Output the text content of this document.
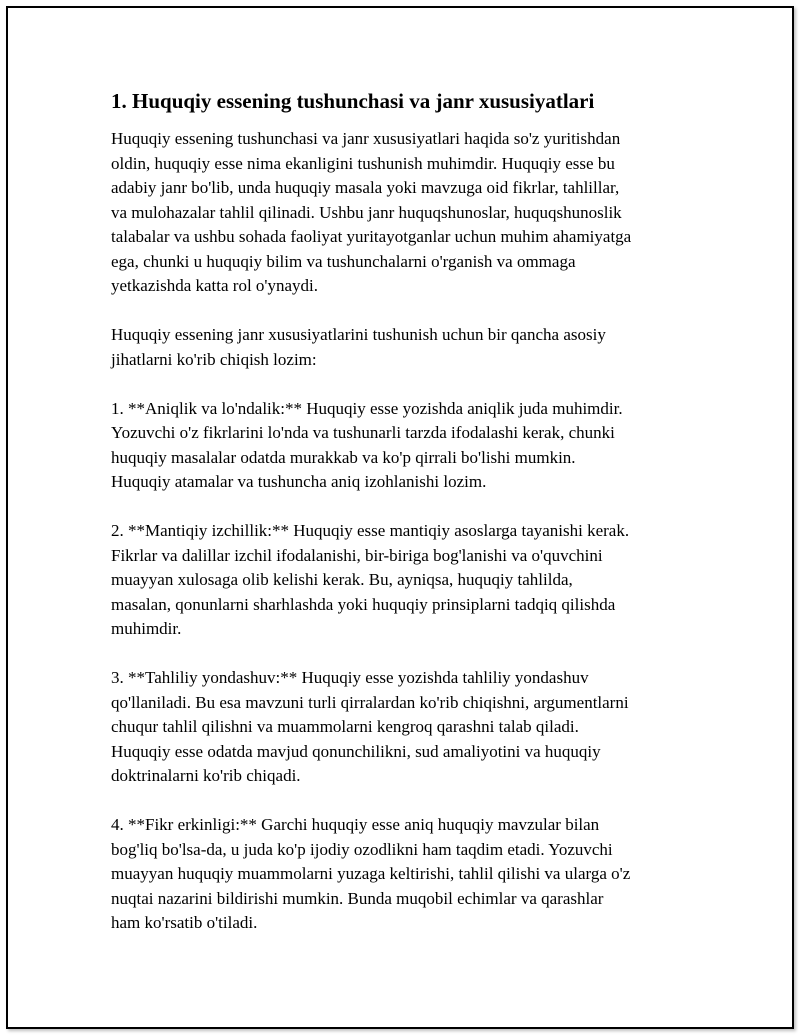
1. Huquqiy essening tushunchasi va janr xususiyatlari
Huquqiy essening tushunchasi va janr xususiyatlari haqida so'z yuritishdan
oldin, huquqiy esse nima ekanligini tushunish muhimdir. Huquqiy esse bu
adabiy janr bo'lib, unda huquqiy masala yoki mavzuga oid fikrlar, tahlillar,
va mulohazalar tahlil qilinadi. Ushbu janr huquqshunoslar, huquqshunoslik
talabalar va ushbu sohada faoliyat yuritayotganlar uchun muhim ahamiyatga
ega, chunki u huquqiy bilim va tushunchalarni o'rganish va ommaga
yetkazishda katta rol o'ynaydi.
Huquqiy essening janr xususiyatlarini tushunish uchun bir qancha asosiy
jihatlarni ko'rib chiqish lozim:
1. **Aniqlik va lo'ndalik:** Huquqiy esse yozishda aniqlik juda muhimdir.
Yozuvchi o'z fikrlarini lo'nda va tushunarli tarzda ifodalashi kerak, chunki
huquqiy masalalar odatda murakkab va ko'p qirrali bo'lishi mumkin.
Huquqiy atamalar va tushuncha aniq izohlanishi lozim.
2. **Mantiqiy izchillik:** Huquqiy esse mantiqiy asoslarga tayanishi kerak.
Fikrlar va dalillar izchil ifodalanishi, bir-biriga bog'lanishi va o'quvchini
muayyan xulosaga olib kelishi kerak. Bu, ayniqsa, huquqiy tahlilda,
masalan, qonunlarni sharhlashda yoki huquqiy prinsiplarni tadqiq qilishda
muhimdir.
3. **Tahliliy yondashuv:** Huquqiy esse yozishda tahliliy yondashuv
qo'llaniladi. Bu esa mavzuni turli qirralardan ko'rib chiqishni, argumentlarni
chuqur tahlil qilishni va muammolarni kengroq qarashni talab qiladi.
Huquqiy esse odatda mavjud qonunchilikni, sud amaliyotini va huquqiy
doktrinalarni ko'rib chiqadi.
4. **Fikr erkinligi:** Garchi huquqiy esse aniq huquqiy mavzular bilan
bog'liq bo'lsa-da, u juda ko'p ijodiy ozodlikni ham taqdim etadi. Yozuvchi
muayyan huquqiy muammolarni yuzaga keltirishi, tahlil qilishi va ularga o'z
nuqtai nazarini bildirishi mumkin. Bunda muqobil echimlar va qarashlar
ham ko'rsatib o'tiladi.
